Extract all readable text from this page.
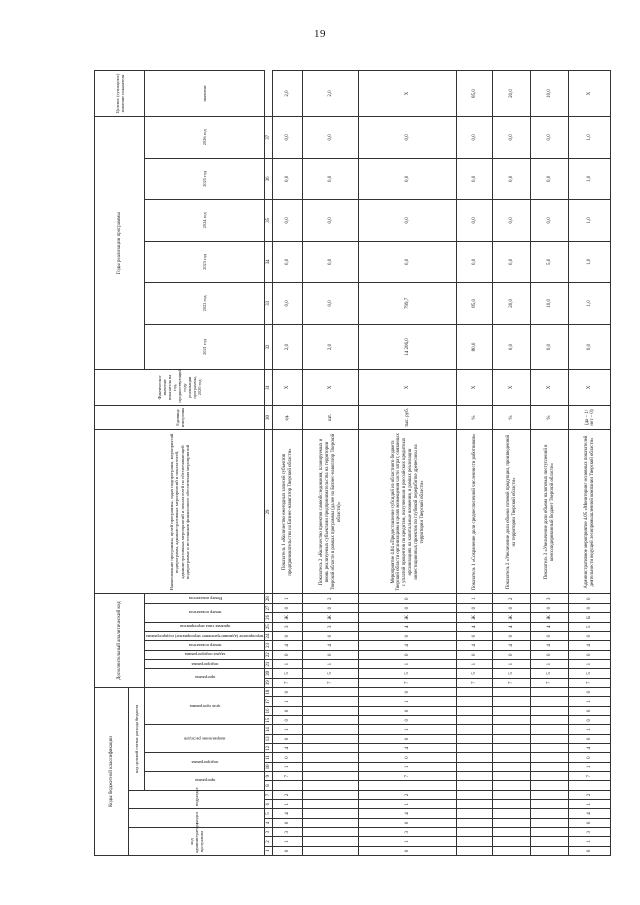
19
Коды бюджетной классификации																		Дополнительный аналитический код										Наименование программы, целей программы, задач подпрограмм, мероприятий подпрограмм, административных мероприятий и показателей, административных мероприятий и показателей по обеспечивающей подпрограмме и источников финансового обеспечения мероприятий	Единица измерения	Фактическое значение показателя на год, предшествующий году реализации программы, 2020 год	Годы реализации программы						Целевое (суммарное) значение показателя
код администратора программы			раздел		подраздел		код целевой статьи расхода бюджета																														
							программа		подпрограмма		направление расходов			цель программы				программа		подпрограмма	задача подпрограммы	номер показателя	мероприятие (административное мероприятие) подпрограммы	признак типа мероприятия	номер показателя		Номер показателя				2021 год	2022 год	2023 год	2024 год	2025 год	2026 год	значение
1	2	3	4	5	6	7	8	9	10	11	12	13	14	15	16	17	18	19	20	21	22	23	24	25	26	27	28	29	30	31	32	33	34	35	36	37	
0	1	3	0	4	1	2		7	1	0	4	0	1	0	0	1	0	7	5	1	0	4	0	3	Ж	0	1	Показатель 1 «Количество ежегодных записей субъектов предпринимательства на Бизнес-навигатор Тверской области»	ед.	X	2,0	0,0	0,0	0,0	0,0	0,0	2,0
																		7	5	1	0	4	0	3	Ж	0	2	Показатель 2 «Количество проектов самообследования, планируемых и вновь реализуемых субъектами предпринимательства на территории Тверской области в рамках программы (далее на Бизнес-навигатор Тверской области)»	шт.	X	2,0	0,0	0,0	0,0	0,0	0,0	2,0
0	1	3	0	4	1	2		7	1	0	4	0	1	0	0	1	0	7	5	1	0	4	0	4	Ж	0	0	Мероприятие 4.04 «Предоставление субсидий из областного бюджета Тверской области организациям в целях возмещения части затрат, связанных с уплатой процентов по кредитам, полученным в российских кредитных организациях на капитальные вложения, в рамках реализации инвестиционных проектов по глубокой переработке древесины на территории Тверской области»	тыс. руб.	X	14 206,0	799,7	0,0	0,0	0,0	0,0	X
																		7	5	1	0	4	0	4	Ж	0	1	Показатель 1 «Сохранение доли среднесписочной численности работников»	%	X	80,0	85,0	0,0	0,0	0,0	0,0	85,0
																		7	5	1	0	4	0	4	Ж	0	2	Показатель 2 «Увеличение доли объема готовой продукции, произведенной на территории Тверской области»	%	X	0,0	20,0	0,0	0,0	0,0	0,0	20,0
																		7	5	1	0	4	0	4	Ж	0	3	Показатель 3 «Увеличение доли объема налоговых поступлений в консолидированный бюджет Тверской области»	%	X	0,0	10,0	5,0	0,0	0,0	0,0	10,0
0	1	3	0	4	1	2		7	1	0	4	0	1	0	0	1	0	7	5	1	0	4	0	5	Б	0	0	Административное мероприятие 4.05 «Мониторинг основных показателей деятельности ведущей лесопромышленной компании Тверской области»	(да – 1/ нет – 0)	X	0,0	1,0	1,0	1,0	1,0	1,0	X
